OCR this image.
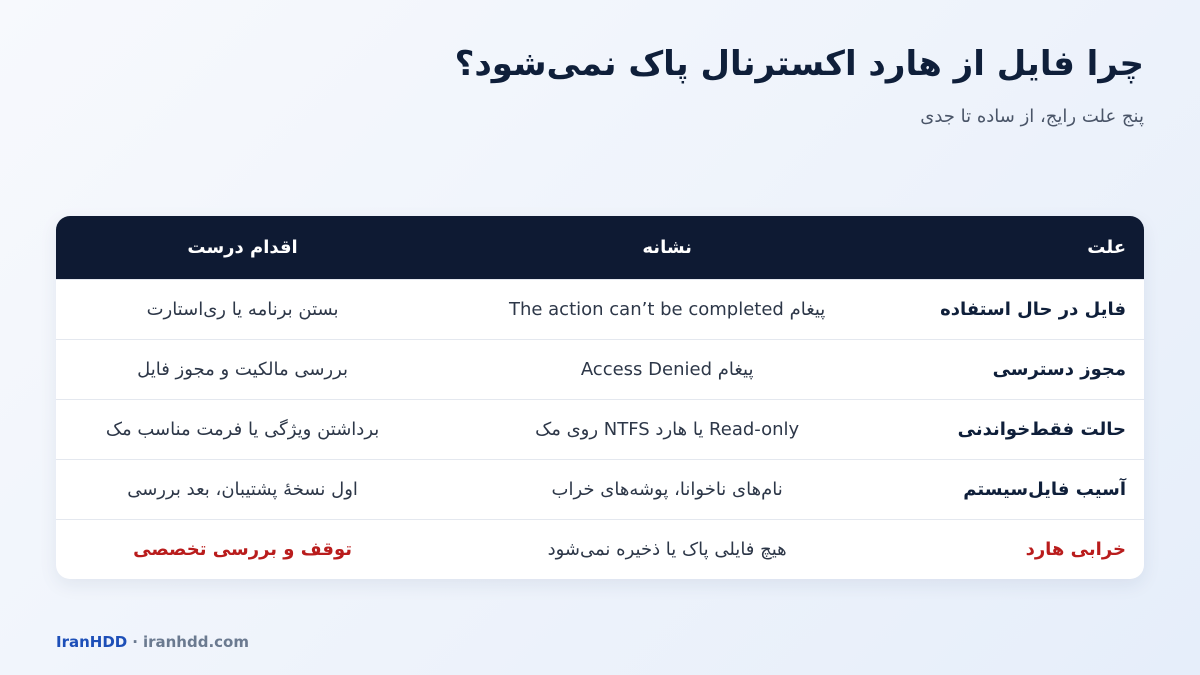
چرا فایل از هارد اکسترنال پاک نمی‌شود؟
پنج علت رایج، از ساده تا جدی
علت
نشانه
اقدام درست
فایل در حال استفاده
پیغام The action can’t be completed
بستن برنامه یا ری‌استارت
مجوز دسترسی
پیغام Access Denied
بررسی مالکیت و مجوز فایل
حالت فقط‌خواندنی
Read-only یا هارد NTFS روی مک
برداشتن ویژگی یا فرمت مناسب مک
آسیب فایل‌سیستم
نام‌های ناخوانا، پوشه‌های خراب
اول نسخهٔ پشتیبان، بعد بررسی
خرابی هارد
هیچ فایلی پاک یا ذخیره نمی‌شود
توقف و بررسی تخصصی
IranHDD · iranhdd.com
